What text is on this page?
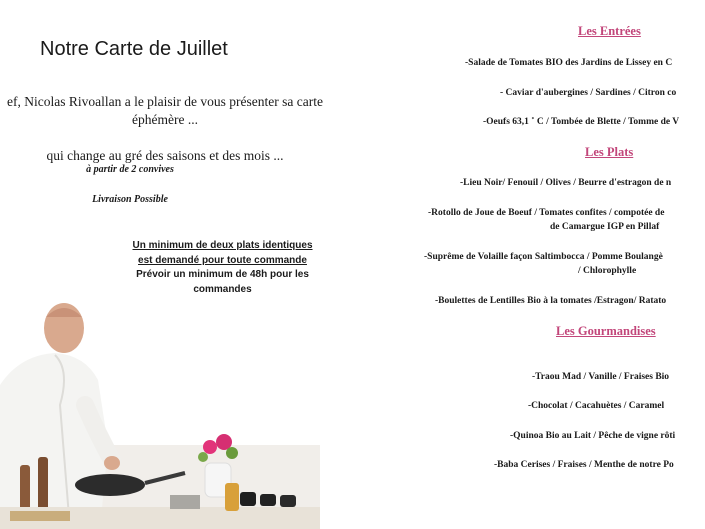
Notre Carte de Juillet
ef, Nicolas Rivoallan a le plaisir de vous présenter sa carte
éphémère ...
qui change au gré des saisons et des mois ...
à partir de 2 convives
Livraison Possible
Un minimum de deux plats identiques
est demandé pour toute commande
Prévoir un minimum de 48h pour les
commandes
Les Entrées
-Salade de Tomates BIO des Jardins de Lissey en C
- Caviar d'aubergines / Sardines / Citron co
-Oeufs 63,1 ˚ C / Tombée de Blette / Tomme de V
Les Plats
-Lieu Noir/ Fenouil / Olives / Beurre d'estragon de n
-Rotollo de Joue de Boeuf / Tomates confites / compotée de
de Camargue IGP en Pillaf
-Suprême de Volaille façon Saltimbocca / Pomme Boulangè
/ Chlorophylle
-Boulettes de Lentilles Bio à la tomates /Estragon/ Ratato
Les Gourmandises
-Traou Mad / Vanille / Fraises Bio
-Chocolat / Cacahuètes / Caramel
-Quinoa Bio au Lait / Pêche de vigne rôti
-Baba Cerises / Fraises / Menthe de notre Po
